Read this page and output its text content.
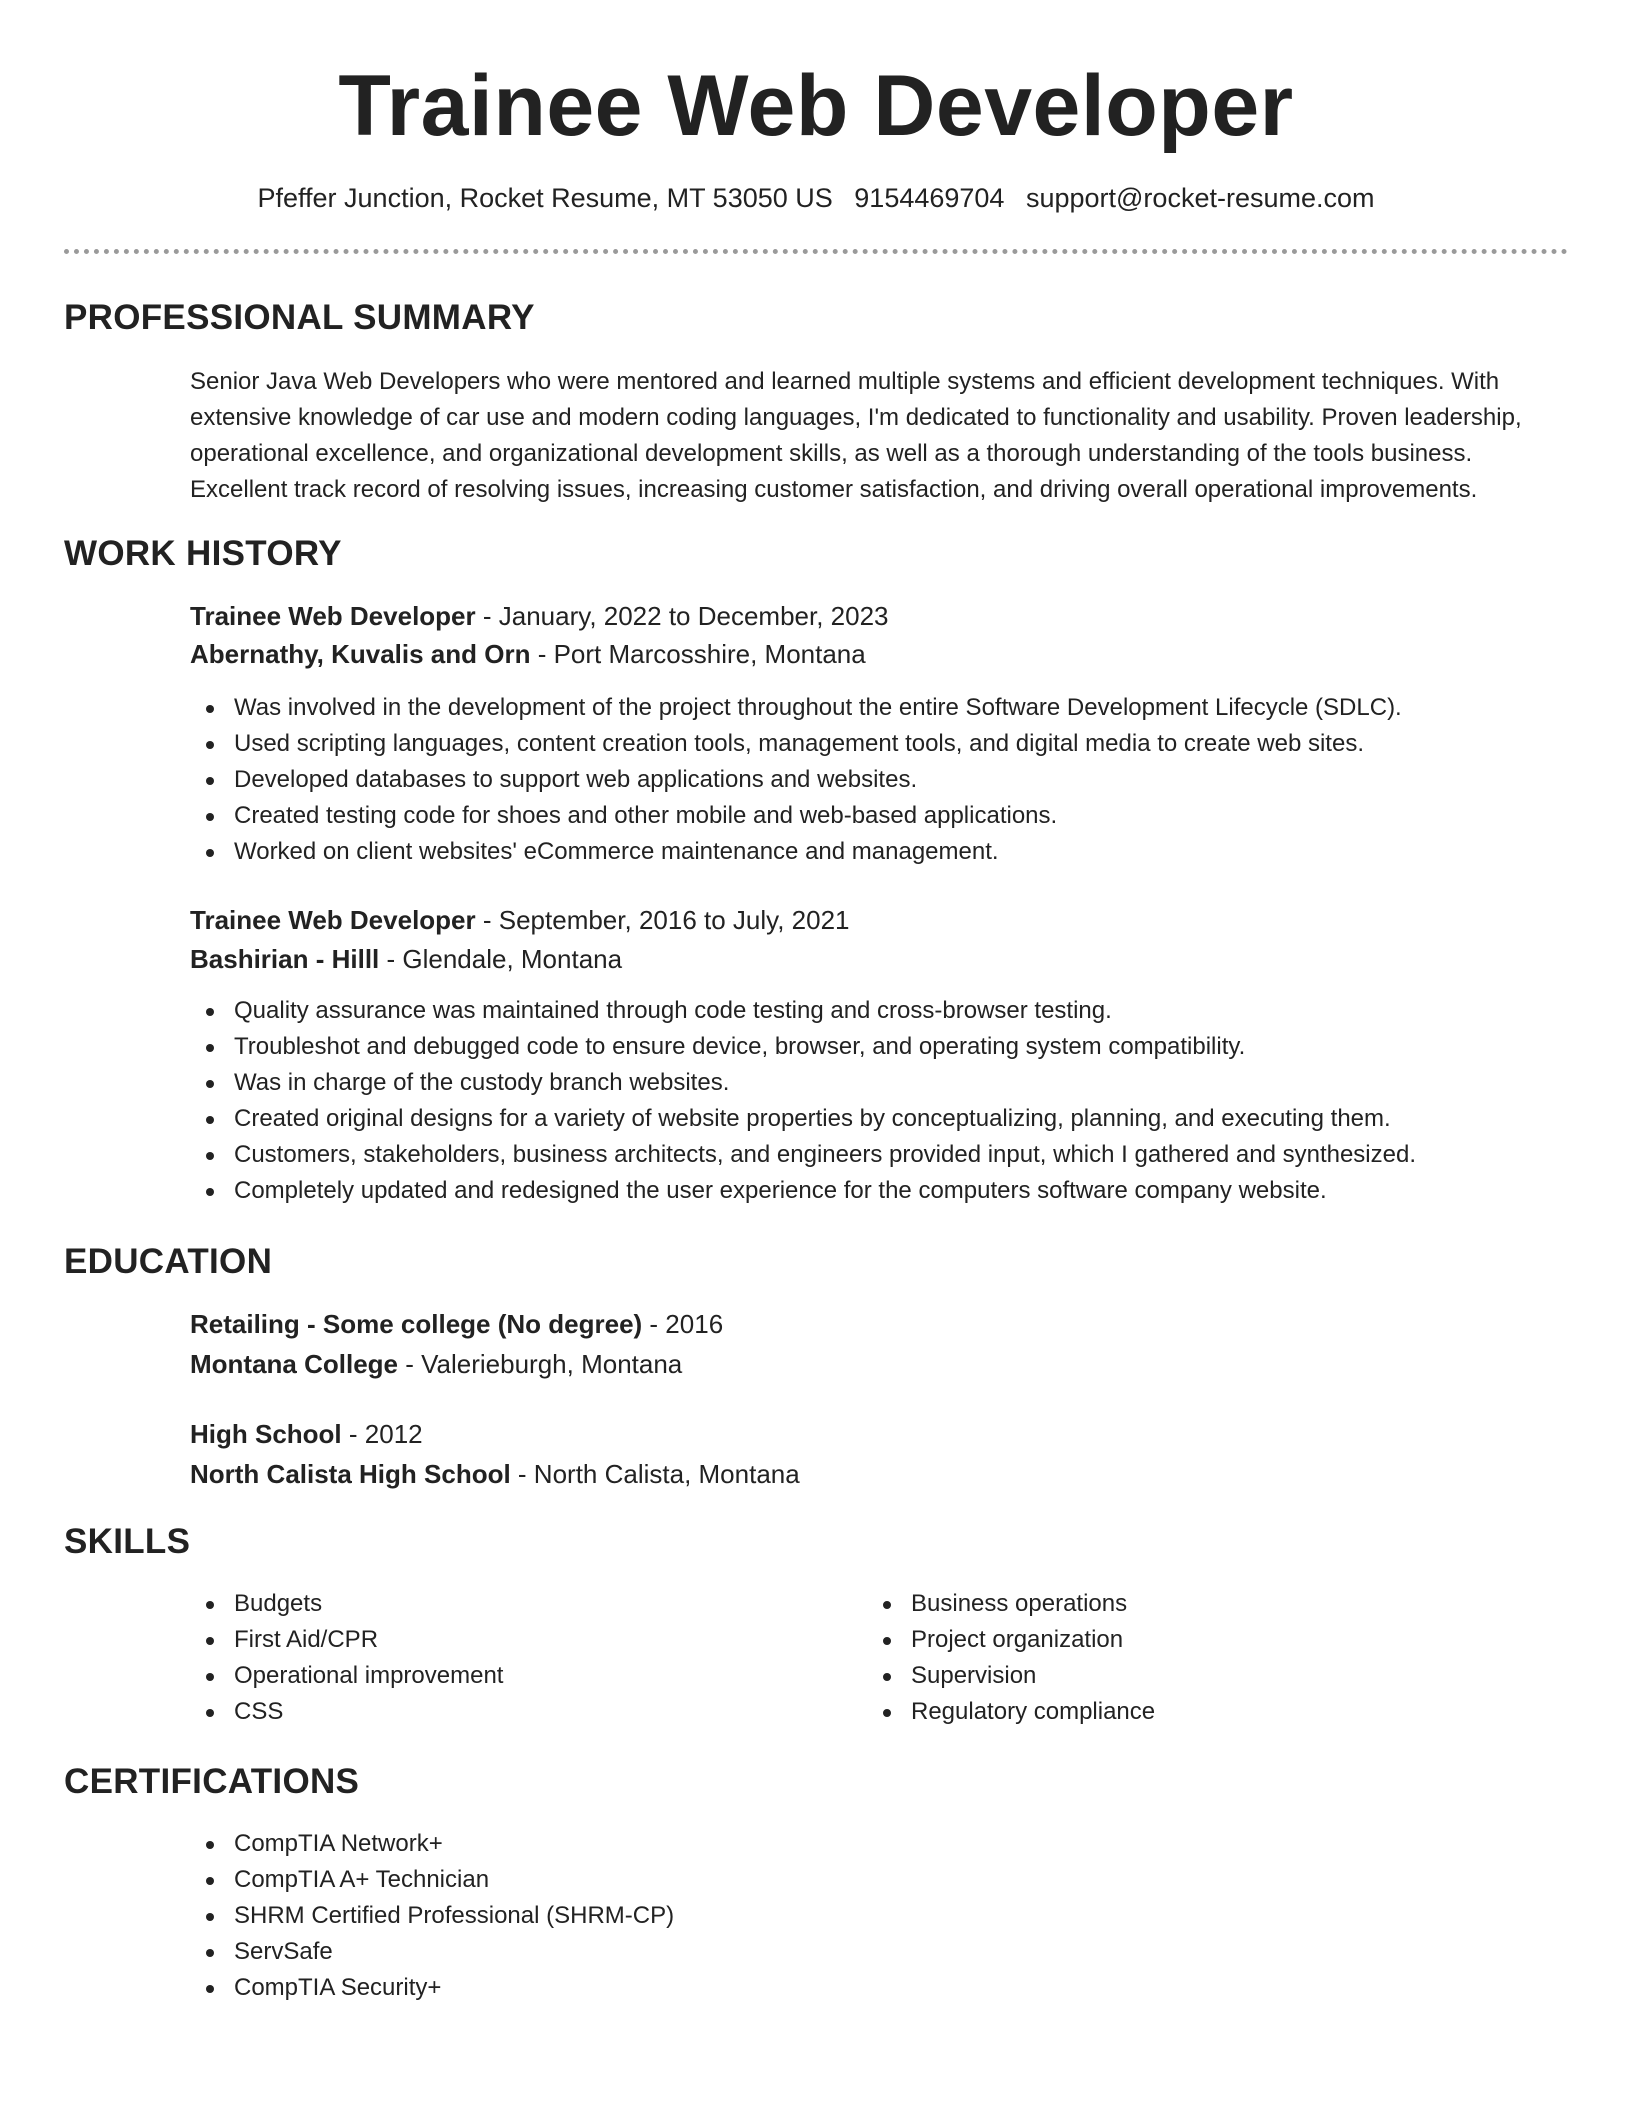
Trainee Web Developer
Pfeffer Junction, Rocket Resume, MT 53050 US 9154469704 support@rocket-resume.com
PROFESSIONAL SUMMARY
Senior Java Web Developers who were mentored and learned multiple systems and efficient development techniques. With
extensive knowledge of car use and modern coding languages, I'm dedicated to functionality and usability. Proven leadership,
operational excellence, and organizational development skills, as well as a thorough understanding of the tools business.
Excellent track record of resolving issues, increasing customer satisfaction, and driving overall operational improvements.
WORK HISTORY
Trainee Web Developer - January, 2022 to December, 2023
Abernathy, Kuvalis and Orn - Port Marcosshire, Montana
Was involved in the development of the project throughout the entire Software Development Lifecycle (SDLC).
Used scripting languages, content creation tools, management tools, and digital media to create web sites.
Developed databases to support web applications and websites.
Created testing code for shoes and other mobile and web-based applications.
Worked on client websites' eCommerce maintenance and management.
Trainee Web Developer - September, 2016 to July, 2021
Bashirian - Hilll - Glendale, Montana
Quality assurance was maintained through code testing and cross-browser testing.
Troubleshot and debugged code to ensure device, browser, and operating system compatibility.
Was in charge of the custody branch websites.
Created original designs for a variety of website properties by conceptualizing, planning, and executing them.
Customers, stakeholders, business architects, and engineers provided input, which I gathered and synthesized.
Completely updated and redesigned the user experience for the computers software company website.
EDUCATION
Retailing - Some college (No degree) - 2016
Montana College - Valerieburgh, Montana
High School - 2012
North Calista High School - North Calista, Montana
SKILLS
Budgets
First Aid/CPR
Operational improvement
CSS
Business operations
Project organization
Supervision
Regulatory compliance
CERTIFICATIONS
CompTIA Network+
CompTIA A+ Technician
SHRM Certified Professional (SHRM-CP)
ServSafe
CompTIA Security+
